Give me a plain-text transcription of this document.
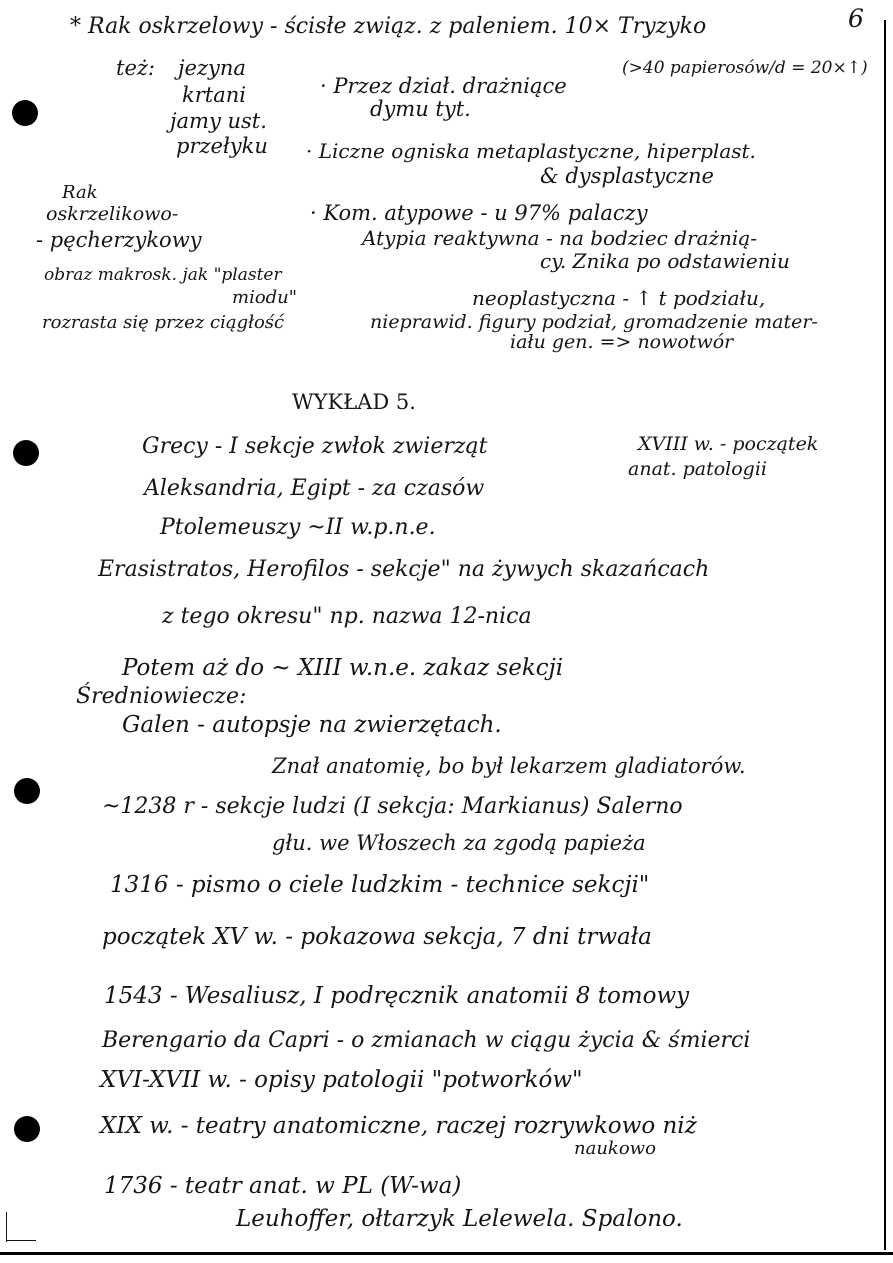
6
* Rak oskrzelowy - ścisłe związ. z paleniem. 10× Tryzyko
(>40 papierosów/d = 20×↑)
też: jezyna
krtani
jamy ust.
przełyku
· Przez dział. drażniące
dymu tyt.
· Liczne ogniska metaplastyczne, hiperplast.
& dysplastyczne
Rak
oskrzelikowo-
- pęcherzykowy
· Kom. atypowe - u 97% palaczy
Atypia reaktywna - na bodziec drażnią-
cy. Znika po odstawieniu
obraz makrosk. jak "plaster
miodu"
rozrasta się przez ciągłość
neoplastyczna - ↑ t podziału,
nieprawid. figury podział, gromadzenie mater-
iału gen. => nowotwór
WYKŁAD 5.
Grecy - I sekcje zwłok zwierząt	XVIII w. - początek
anat. patologii
Aleksandria, Egipt - za czasów
Ptolemeuszy ~II w.p.n.e.
Erasistratos, Herofilos - sekcje" na żywych skazańcach
z tego okresu" np. nazwa 12-nica
Potem aż do ~ XIII w.n.e. zakaz sekcji
Średniowiecze:
Galen - autopsje na zwierzętach.
Znał anatomię, bo był lekarzem gladiatorów.
~1238 r - sekcje ludzi (I sekcja: Markianus) Salerno
głu. we Włoszech za zgodą papieża
1316 - pismo o ciele ludzkim - technice sekcji"
początek XV w. - pokazowa sekcja, 7 dni trwała
1543 - Wesaliusz, I podręcznik anatomii 8 tomowy
Berengario da Capri - o zmianach w ciągu życia & śmierci
XVI-XVII w. - opisy patologii "potworków"
XIX w. - teatry anatomiczne, raczej rozrywkowo niż
naukowo
1736 - teatr anat. w PL (W-wa)
Leuhoffer, ołtarzyk Lelewela. Spalono.
